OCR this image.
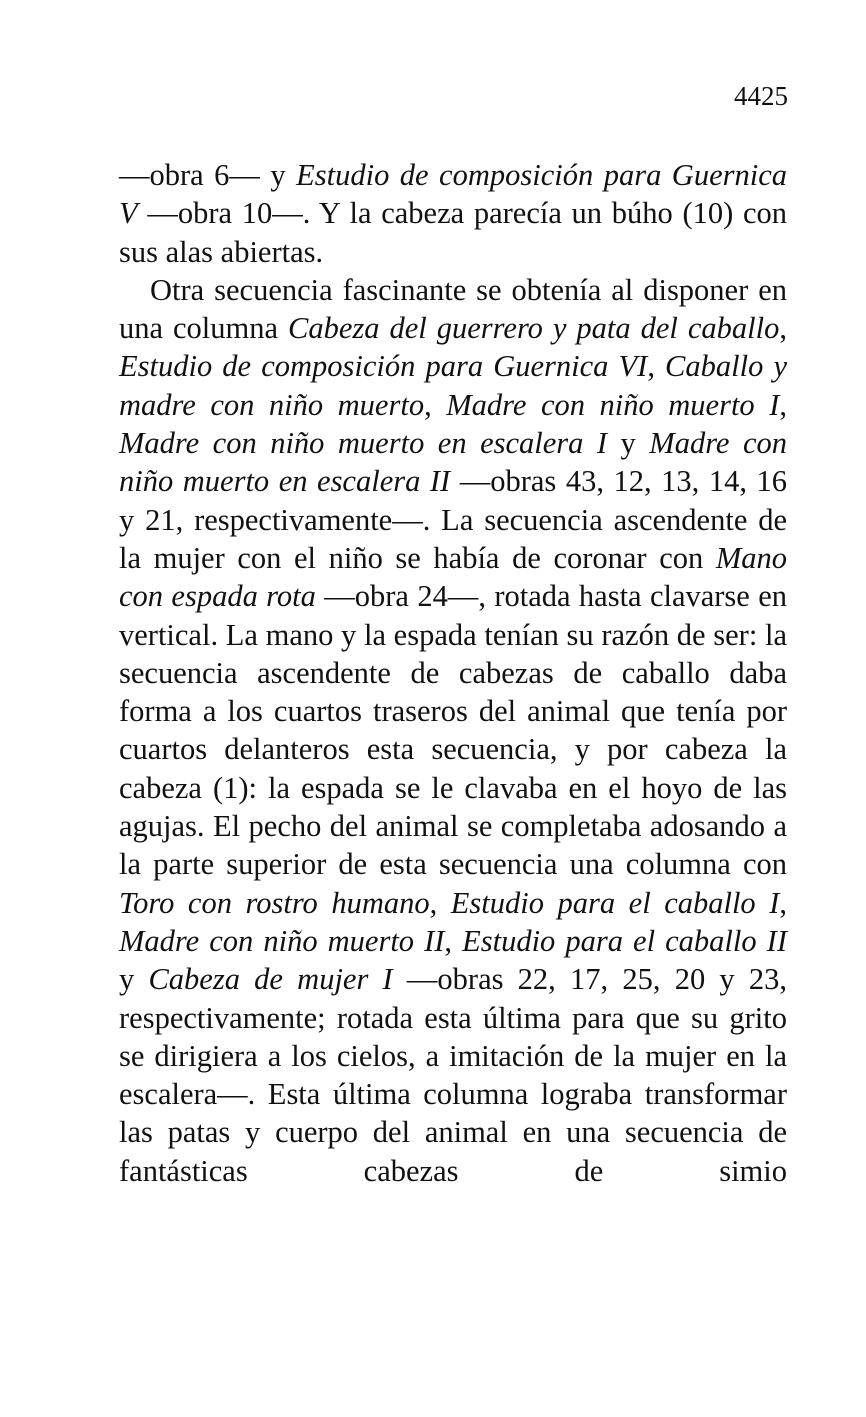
4425

—obra 6— y Estudio de composición para Guernica V —obra 10—. Y la cabeza parecía un búho (10) con sus alas abiertas.

Otra secuencia fascinante se obtenía al disponer en una columna Cabeza del guerrero y pata del caballo, Estudio de composición para Guernica VI, Caballo y madre con niño muerto, Madre con niño muerto I, Madre con niño muerto en escalera I y Madre con niño muerto en escalera II —obras 43, 12, 13, 14, 16 y 21, respectivamente—. La secuencia ascendente de la mujer con el niño se había de coronar con Mano con espada rota —obra 24—, rotada hasta clavarse en vertical. La mano y la espada tenían su razón de ser: la secuencia ascendente de cabezas de caballo daba forma a los cuartos traseros del animal que tenía por cuartos delanteros esta secuencia, y por cabeza la cabeza (1): la espada se le clavaba en el hoyo de las agujas. El pecho del animal se completaba adosando a la parte superior de esta secuencia una columna con Toro con rostro humano, Estudio para el caballo I, Madre con niño muerto II, Estudio para el caballo II y Cabeza de mujer I —obras 22, 17, 25, 20 y 23, respectivamente; rotada esta última para que su grito se dirigiera a los cielos, a imitación de la mujer en la escalera—. Esta última columna lograba transformar las patas y cuerpo del animal en una secuencia de fantásticas cabezas de simio
